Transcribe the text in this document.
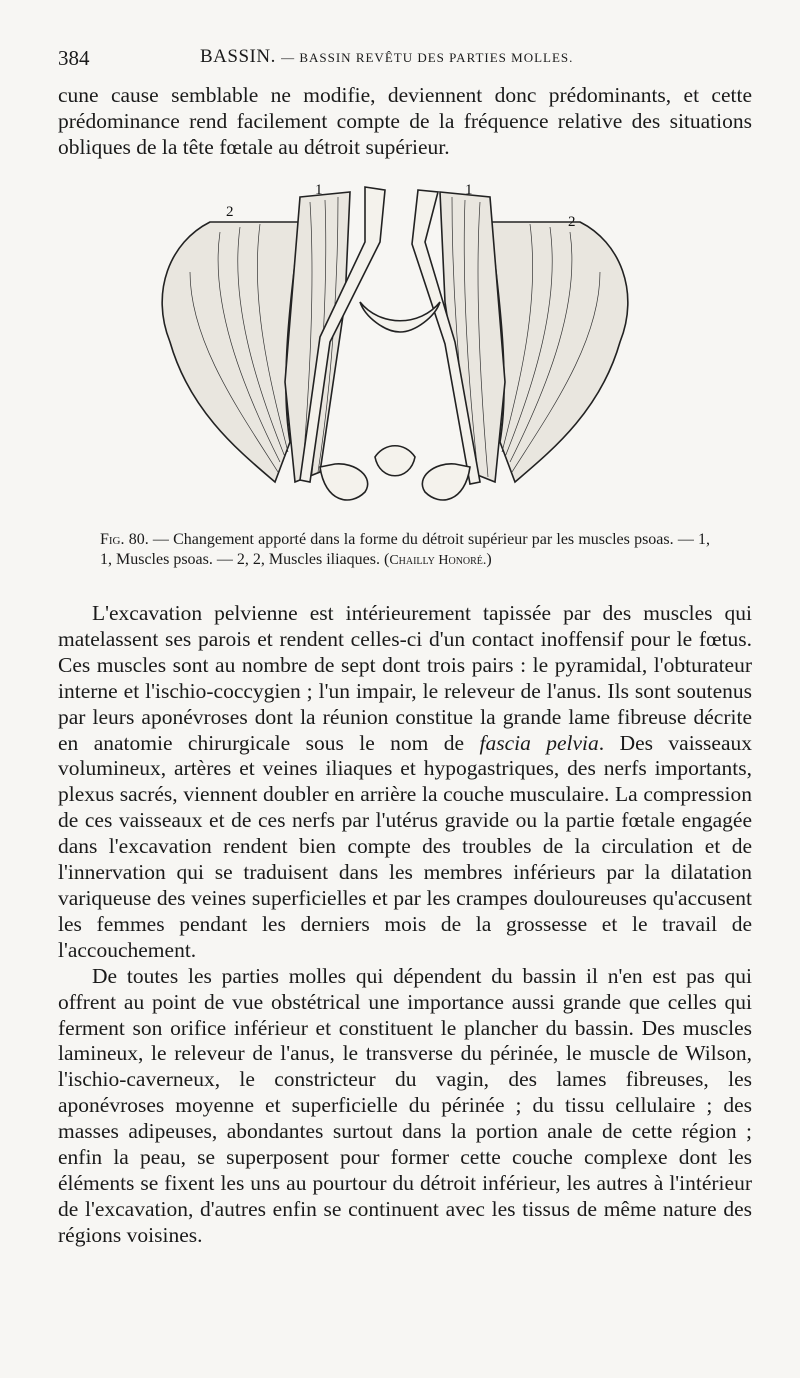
384	BASSIN. — BASSIN REVÊTU DES PARTIES MOLLES.
cune cause semblable ne modifie, deviennent donc prédominants, et cette prédominance rend facilement compte de la fréquence relative des situations obliques de la tête fœtale au détroit supérieur.
1	1
2
2
Fig. 80. — Changement apporté dans la forme du détroit supérieur par les muscles psoas. — 1, 1, Muscles psoas. — 2, 2, Muscles iliaques. (Chailly Honoré.)

L'excavation pelvienne est intérieurement tapissée par des muscles qui matelassent ses parois et rendent celles-ci d'un contact inoffensif pour le fœtus. Ces muscles sont au nombre de sept dont trois pairs : le pyramidal, l'obturateur interne et l'ischio-coccygien ; l'un impair, le releveur de l'anus. Ils sont soutenus par leurs aponévroses dont la réunion constitue la grande lame fibreuse décrite en anatomie chirurgicale sous le nom de fascia pelvia. Des vaisseaux volumineux, artères et veines iliaques et hypogastriques, des nerfs importants, plexus sacrés, viennent doubler en arrière la couche musculaire. La compression de ces vaisseaux et de ces nerfs par l'utérus gravide ou la partie fœtale engagée dans l'excavation rendent bien compte des troubles de la circulation et de l'innervation qui se traduisent dans les membres inférieurs par la dilatation variqueuse des veines superficielles et par les crampes douloureuses qu'accusent les femmes pendant les derniers mois de la grossesse et le travail de l'accouchement.

De toutes les parties molles qui dépendent du bassin il n'en est pas qui offrent au point de vue obstétrical une importance aussi grande que celles qui ferment son orifice inférieur et constituent le plancher du bassin. Des muscles lamineux, le releveur de l'anus, le transverse du périnée, le muscle de Wilson, l'ischio-caverneux, le constricteur du vagin, des lames fibreuses, les aponévroses moyenne et superficielle du périnée ; du tissu cellulaire ; des masses adipeuses, abondantes surtout dans la portion anale de cette région ; enfin la peau, se superposent pour former cette couche complexe dont les éléments se fixent les uns au pourtour du détroit inférieur, les autres à l'intérieur de l'excavation, d'autres enfin se continuent avec les tissus de même nature des régions voisines.
